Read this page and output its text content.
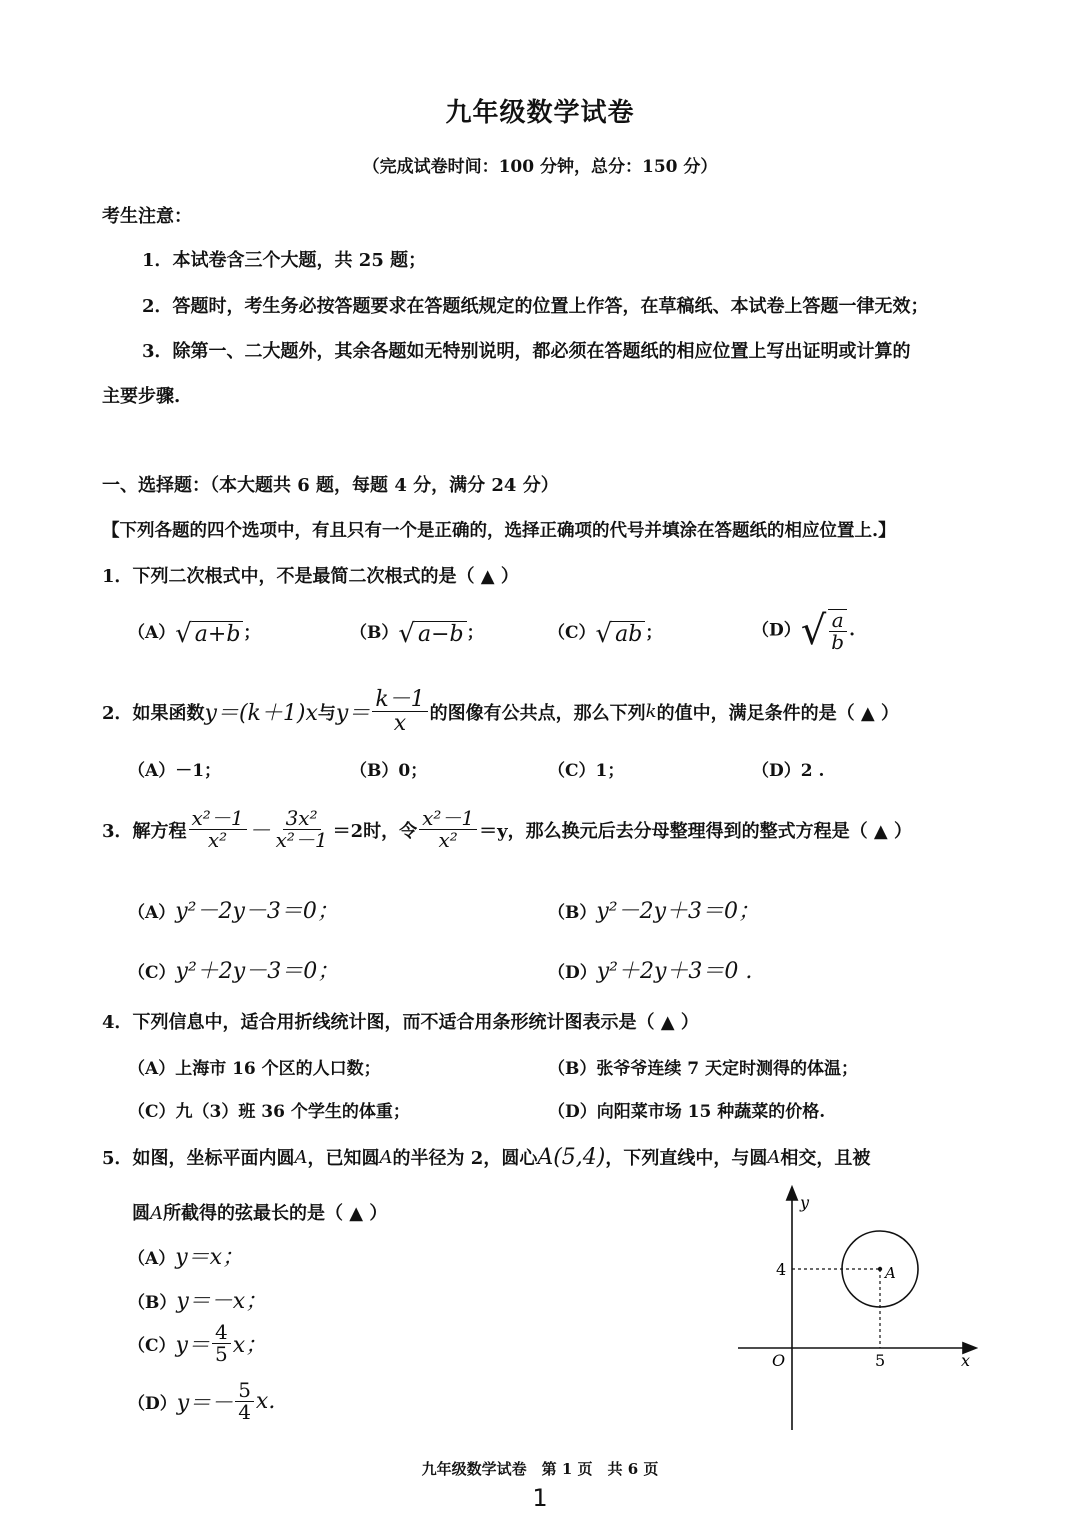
九年级数学试卷
（完成试卷时间：100 分钟，总分：150 分）
考生注意：
1．本试卷含三个大题，共 25 题；
2．答题时，考生务必按答题要求在答题纸规定的位置上作答，在草稿纸、本试卷上答题一律无效；
3．除第一、二大题外，其余各题如无特别说明，都必须在答题纸的相应位置上写出证明或计算的
主要步骤.
一、选择题：（本大题共 6 题，每题 4 分，满分 24 分）
【下列各题的四个选项中，有且只有一个是正确的，选择正确项的代号并填涂在答题纸的相应位置上.】
1．下列二次根式中，不是最简二次根式的是（ ▲ ）
（A）√ a+b ；	（B）√ a−b ；	（C）√ ab ；	$(D)√ \frac{a}{b}$ .
2．如果函数 y＝(k＋1)x 与 $y= \frac{k-1}{x}$ 的图像有公共点，那么下列 k 的值中，满足条件的是（ ▲ ）
（A）－1；	（B）0；	（C）1；	（D）2 .
3．解方程 $\frac{\text{x²－1}}{\text{x²}} - \frac{\text{3x²}}{\text{x²－1}} =2$时，令 $\frac{\text{x²－1}}{\text{x²}} =y$，那么换元后去分母整理得到的整式方程是（ ▲ ）
（A）y²－2y－3＝0；	（B）y²－2y＋3＝0；
（C）y²＋2y－3＝0；	（D）y²＋2y＋3＝0 .
4．下列信息中，适合用折线统计图，而不适合用条形统计图表示是（ ▲ ）
（A）上海市 16 个区的人口数；	（B）张爷爷连续 7 天定时测得的体温；
（C）九（3）班 36 个学生的体重；	（D）向阳菜市场 15 种蔬菜的价格.
5．如图，坐标平面内圆 A ，已知圆 A 的半径为 2，圆心 A(5,4) ，下列直线中，与圆 A 相交，且被
圆A所截得的弦最长的是（ ▲ ）
（A）y＝x；
（B）y＝－x；
（C） $y= \frac{4}{5}$ x；
（D） $y=- \frac{5}{4} x$.
y
x
O
4
5
A
九年级数学试卷　第 1 页　共 6 页
1
